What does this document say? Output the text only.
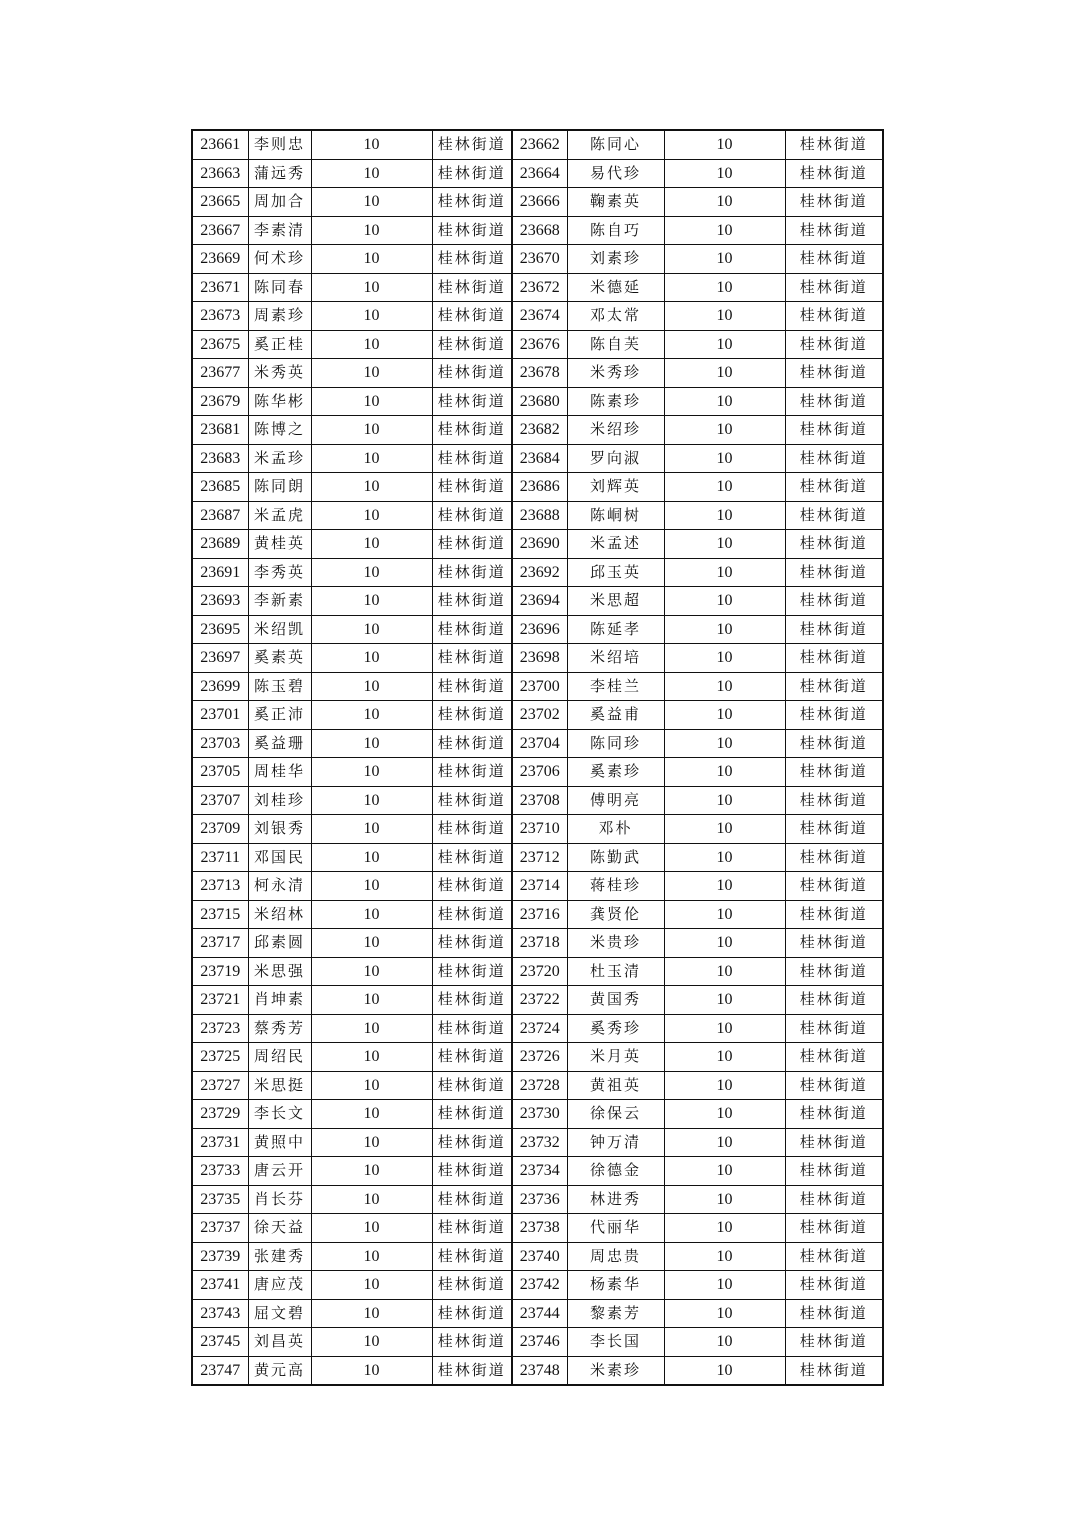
23661	李则忠	10	桂林街道	23662	陈同心	10	桂林街道
23663	蒲远秀	10	桂林街道	23664	易代珍	10	桂林街道
23665	周加合	10	桂林街道	23666	鞠素英	10	桂林街道
23667	李素清	10	桂林街道	23668	陈自巧	10	桂林街道
23669	何术珍	10	桂林街道	23670	刘素珍	10	桂林街道
23671	陈同春	10	桂林街道	23672	米德延	10	桂林街道
23673	周素珍	10	桂林街道	23674	邓太常	10	桂林街道
23675	奚正桂	10	桂林街道	23676	陈自芙	10	桂林街道
23677	米秀英	10	桂林街道	23678	米秀珍	10	桂林街道
23679	陈华彬	10	桂林街道	23680	陈素珍	10	桂林街道
23681	陈博之	10	桂林街道	23682	米绍珍	10	桂林街道
23683	米孟珍	10	桂林街道	23684	罗向淑	10	桂林街道
23685	陈同朗	10	桂林街道	23686	刘辉英	10	桂林街道
23687	米孟虎	10	桂林街道	23688	陈峒树	10	桂林街道
23689	黄桂英	10	桂林街道	23690	米孟述	10	桂林街道
23691	李秀英	10	桂林街道	23692	邱玉英	10	桂林街道
23693	李新素	10	桂林街道	23694	米思超	10	桂林街道
23695	米绍凯	10	桂林街道	23696	陈延孝	10	桂林街道
23697	奚素英	10	桂林街道	23698	米绍培	10	桂林街道
23699	陈玉碧	10	桂林街道	23700	李桂兰	10	桂林街道
23701	奚正沛	10	桂林街道	23702	奚益甫	10	桂林街道
23703	奚益珊	10	桂林街道	23704	陈同珍	10	桂林街道
23705	周桂华	10	桂林街道	23706	奚素珍	10	桂林街道
23707	刘桂珍	10	桂林街道	23708	傅明亮	10	桂林街道
23709	刘银秀	10	桂林街道	23710	邓朴	10	桂林街道
23711	邓国民	10	桂林街道	23712	陈勤武	10	桂林街道
23713	柯永清	10	桂林街道	23714	蒋桂珍	10	桂林街道
23715	米绍林	10	桂林街道	23716	龚贤伦	10	桂林街道
23717	邱素圆	10	桂林街道	23718	米贵珍	10	桂林街道
23719	米思强	10	桂林街道	23720	杜玉清	10	桂林街道
23721	肖坤素	10	桂林街道	23722	黄国秀	10	桂林街道
23723	蔡秀芳	10	桂林街道	23724	奚秀珍	10	桂林街道
23725	周绍民	10	桂林街道	23726	米月英	10	桂林街道
23727	米思挺	10	桂林街道	23728	黄祖英	10	桂林街道
23729	李长文	10	桂林街道	23730	徐保云	10	桂林街道
23731	黄照中	10	桂林街道	23732	钟万清	10	桂林街道
23733	唐云开	10	桂林街道	23734	徐德金	10	桂林街道
23735	肖长芬	10	桂林街道	23736	林进秀	10	桂林街道
23737	徐天益	10	桂林街道	23738	代丽华	10	桂林街道
23739	张建秀	10	桂林街道	23740	周忠贵	10	桂林街道
23741	唐应茂	10	桂林街道	23742	杨素华	10	桂林街道
23743	屈文碧	10	桂林街道	23744	黎素芳	10	桂林街道
23745	刘昌英	10	桂林街道	23746	李长国	10	桂林街道
23747	黄元高	10	桂林街道	23748	米素珍	10	桂林街道
